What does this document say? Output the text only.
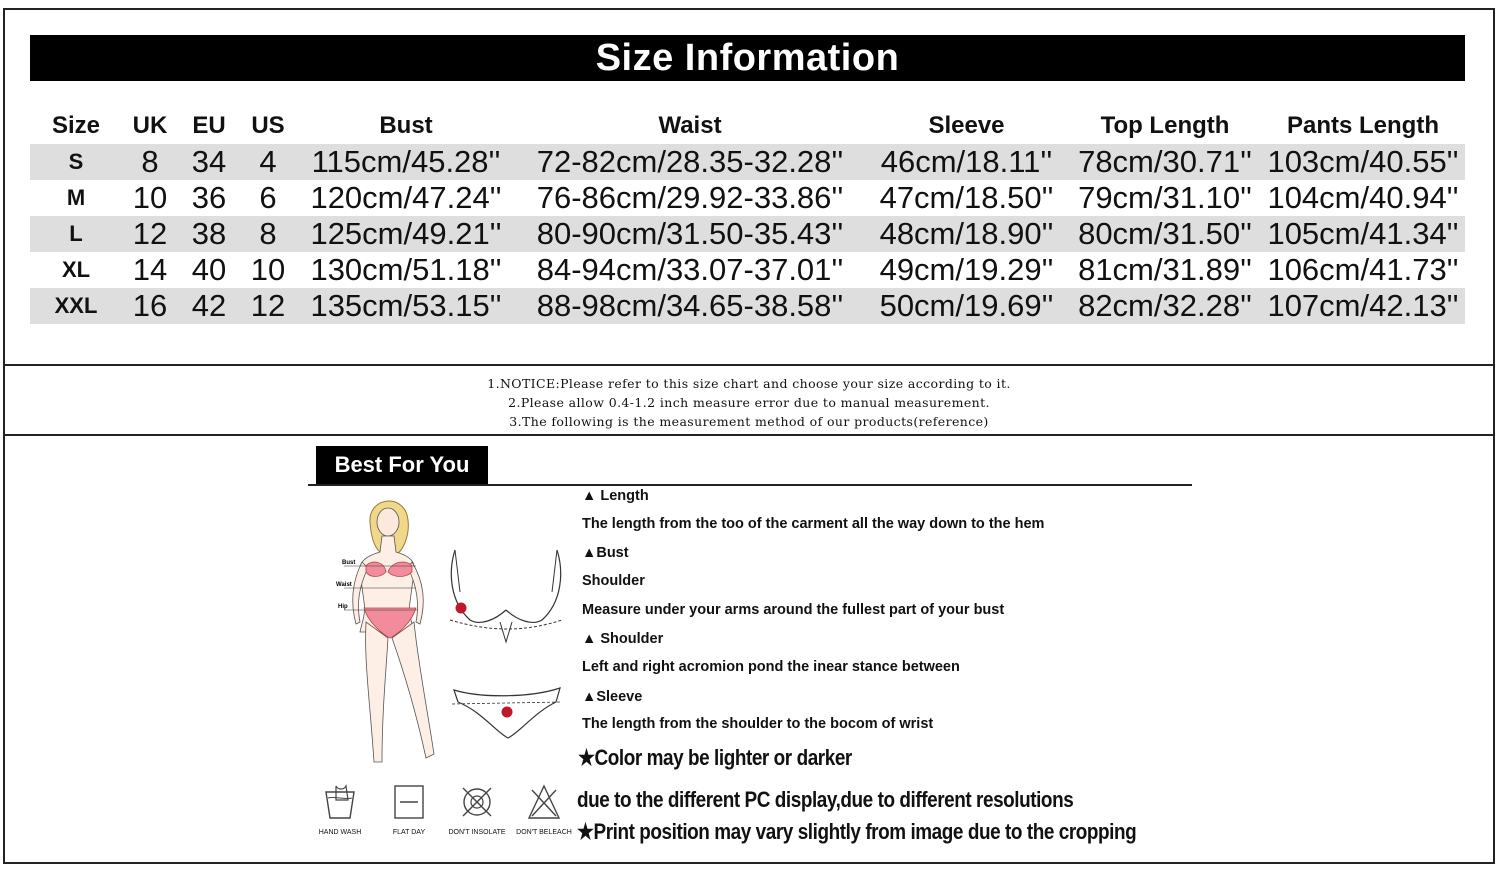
1.NOTICE:Please refer to this size chart and choose your size according to it.
2.Please allow 0.4-1.2 inch measure error due to manual measurement.
3.The following is the measurement method of our products(reference)
Size Information
Size	UK	EU	US	Bust	Waist	Sleeve	Top Length	Pants Length
S	8	34	4	115cm/45.28''	72-82cm/28.35-32.28''	46cm/18.11''	78cm/30.71''	103cm/40.55''
M	10	36	6	120cm/47.24''	76-86cm/29.92-33.86''	47cm/18.50''	79cm/31.10''	104cm/40.94''
L	12	38	8	125cm/49.21''	80-90cm/31.50-35.43''	48cm/18.90''	80cm/31.50''	105cm/41.34''
XL	14	40	10	130cm/51.18''	84-94cm/33.07-37.01''	49cm/19.29''	81cm/31.89''	106cm/41.73''
XXL	16	42	12	135cm/53.15''	88-98cm/34.65-38.58''	50cm/19.69''	82cm/32.28''	107cm/42.13''
Best For You
Bust
Waist
Hip
HAND WASH	FLAT DAY	DON'T INSOLATE	DON'T BELEACH
▲ Length
The length from the too of the carment all the way down to the hem
▲Bust
Shoulder
Measure under your arms around the fullest part of your bust
▲ Shoulder
Left and right acromion pond the inear stance between
▲Sleeve
The length from the shoulder to the bocom of wrist
★Color may be lighter or darker
due to the different PC display,due to different resolutions
★Print position may vary slightly from image due to the cropping
